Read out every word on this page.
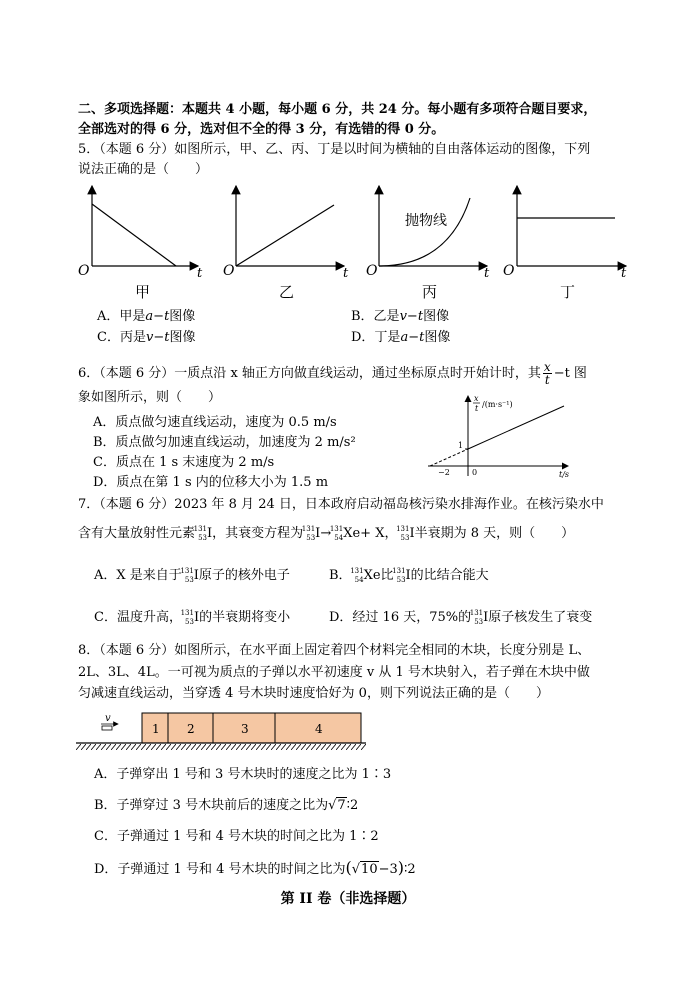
二、多项选择题：本题共 4 小题，每小题 6 分，共 24 分。每小题有多项符合题目要求，
全部选对的得 6 分，选对但不全的得 3 分，有选错的得 0 分。
5．（本题 6 分）如图所示，甲、乙、丙、丁是以时间为横轴的自由落体运动的图像，下列
说法正确的是（　　）
O	t
甲
O	t
乙
抛物线
O	t
丙
O	t
丁
A．甲是a−t图像	B．乙是v−t图像
C．丙是v−t图像	D．丁是a−t图像
6．（本题 6 分）一质点沿 x 轴正方向做直线运动，通过坐标原点时开始计时，其 $\frac{x}{t} -t$ 图
象如图所示，则（　　）
A．质点做匀速直线运动，速度为 0.5 m/s
B．质点做匀加速直线运动，加速度为 2 m/s²
C．质点在 1 s 末速度为 2 m/s
D．质点在第 1 s 内的位移大小为 1.5 m
x
t /(m·s⁻¹)
1
−2	0	t/s
7．（本题 6 分）2023 年 8 月 24 日，日本政府启动福岛核污染水排海作业。在核污染水中
含有大量放射性元素
131
53 I，其衰变方程为
131
53 I→
131
54 Xe+ X，
131
53 I半衰期为 8 天，则（　　）
A．X 是来自于
131
53 I原子的核外电子	B．
131
54 Xe比
131
53 I的比结合能大
C．温度升高，
131
53 I的半衰期将变小	D．经过 16 天，75%的
131
53 I原子核发生了衰变
8．（本题 6 分）如图所示，在水平面上固定着四个材料完全相同的木块，长度分别是 L、
2L、3L、4L。一可视为质点的子弹以水平初速度 v 从 1 号木块射入，若子弹在木块中做
匀减速直线运动，当穿透 4 号木块时速度恰好为 0，则下列说法正确的是（　　）
v
1 2	3	4
A．子弹穿出 1 号和 3 号木块时的速度之比为 1∶3
B．子弹穿过 3 号木块前后的速度之比为√7∶2
C．子弹通过 1 号和 4 号木块的时间之比为 1∶2
D．子弹通过 1 号和 4 号木块的时间之比为(√10−3)∶2
第 II 卷（非选择题）
